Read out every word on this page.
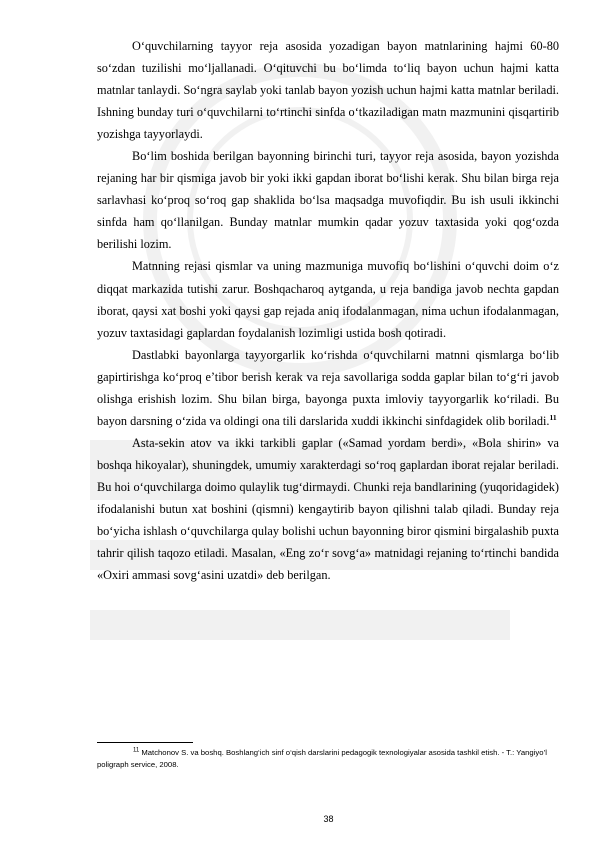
O‘quvchilarning tayyor reja asosida yozadigan bayon matnlarining hajmi 60-80 so‘zdan tuzilishi mo‘ljallanadi. O‘qituvchi bu bo‘limda to‘liq bayon uchun hajmi katta matnlar tanlaydi. So‘ngra saylab yoki tanlab bayon yozish uchun hajmi katta matnlar beriladi. Ishning bunday turi o‘quvchilarni to‘rtinchi sinfda o‘tkaziladigan matn mazmunini qisqartirib yozishga tayyorlaydi.

Bo‘lim boshida berilgan bayonning birinchi turi, tayyor reja asosida, bayon yozishda rejaning har bir qismiga javob bir yoki ikki gapdan iborat bo‘lishi kerak. Shu bilan birga reja sarlavhasi ko‘proq so‘roq gap shaklida bo‘lsa maqsadga muvofiqdir. Bu ish usuli ikkinchi sinfda ham qo‘llanilgan. Bunday matnlar mumkin qadar yozuv taxtasida yoki qog‘ozda berilishi lozim.

Matnning rejasi qismlar va uning mazmuniga muvofiq bo‘lishini o‘quvchi doim o‘z diqqat markazida tutishi zarur. Boshqacharoq aytganda, u reja bandiga javob nechta gapdan iborat, qaysi xat boshi yoki qaysi gap rejada aniq ifodalanmagan, nima uchun ifodalanmagan, yozuv taxtasidagi gaplardan foydalanish lozimligi ustida bosh qotiradi.

Dastlabki bayonlarga tayyorgarlik ko‘rishda o‘quvchilarni matnni qismlarga bo‘lib gapirtirishga ko‘proq e’tibor berish kerak va reja savollariga sodda gaplar bilan to‘g‘ri javob olishga erishish lozim. Shu bilan birga, bayonga puxta imloviy tayyorgarlik ko‘riladi. Bu bayon darsning o‘zida va oldingi ona tili darslarida xuddi ikkinchi sinfdagidek olib boriladi.$^{11}$

Asta-sekin atov va ikki tarkibli gaplar («Samad yordam berdi», «Bola shirin» va boshqa hikoyalar), shuningdek, umumiy xarakterdagi so‘roq gaplardan iborat rejalar beriladi. Bu hoi o‘quvchilarga doimo qulaylik tug‘dirmaydi. Chunki reja bandlarining (yuqoridagidek) ifodalanishi butun xat boshini (qismni) kengaytirib bayon qilishni talab qiladi. Bunday reja bo‘yicha ishlash o‘quvchilarga qulay bolishi uchun bayonning biror qismini birgalashib puxta tahrir qilish taqozo etiladi. Masalan, «Eng zo‘r sovg‘a» matnidagi rejaning to‘rtinchi bandida «Oxiri ammasi sovg‘asini uzatdi» deb berilgan.

$^{11}$ Matchonov S. va boshq. Boshlang‘ich sinf o‘qish darslarini pedagogik texnologiyalar asosida tashkil etish. - T.: Yangiyo’l poligraph service, 2008.
38
